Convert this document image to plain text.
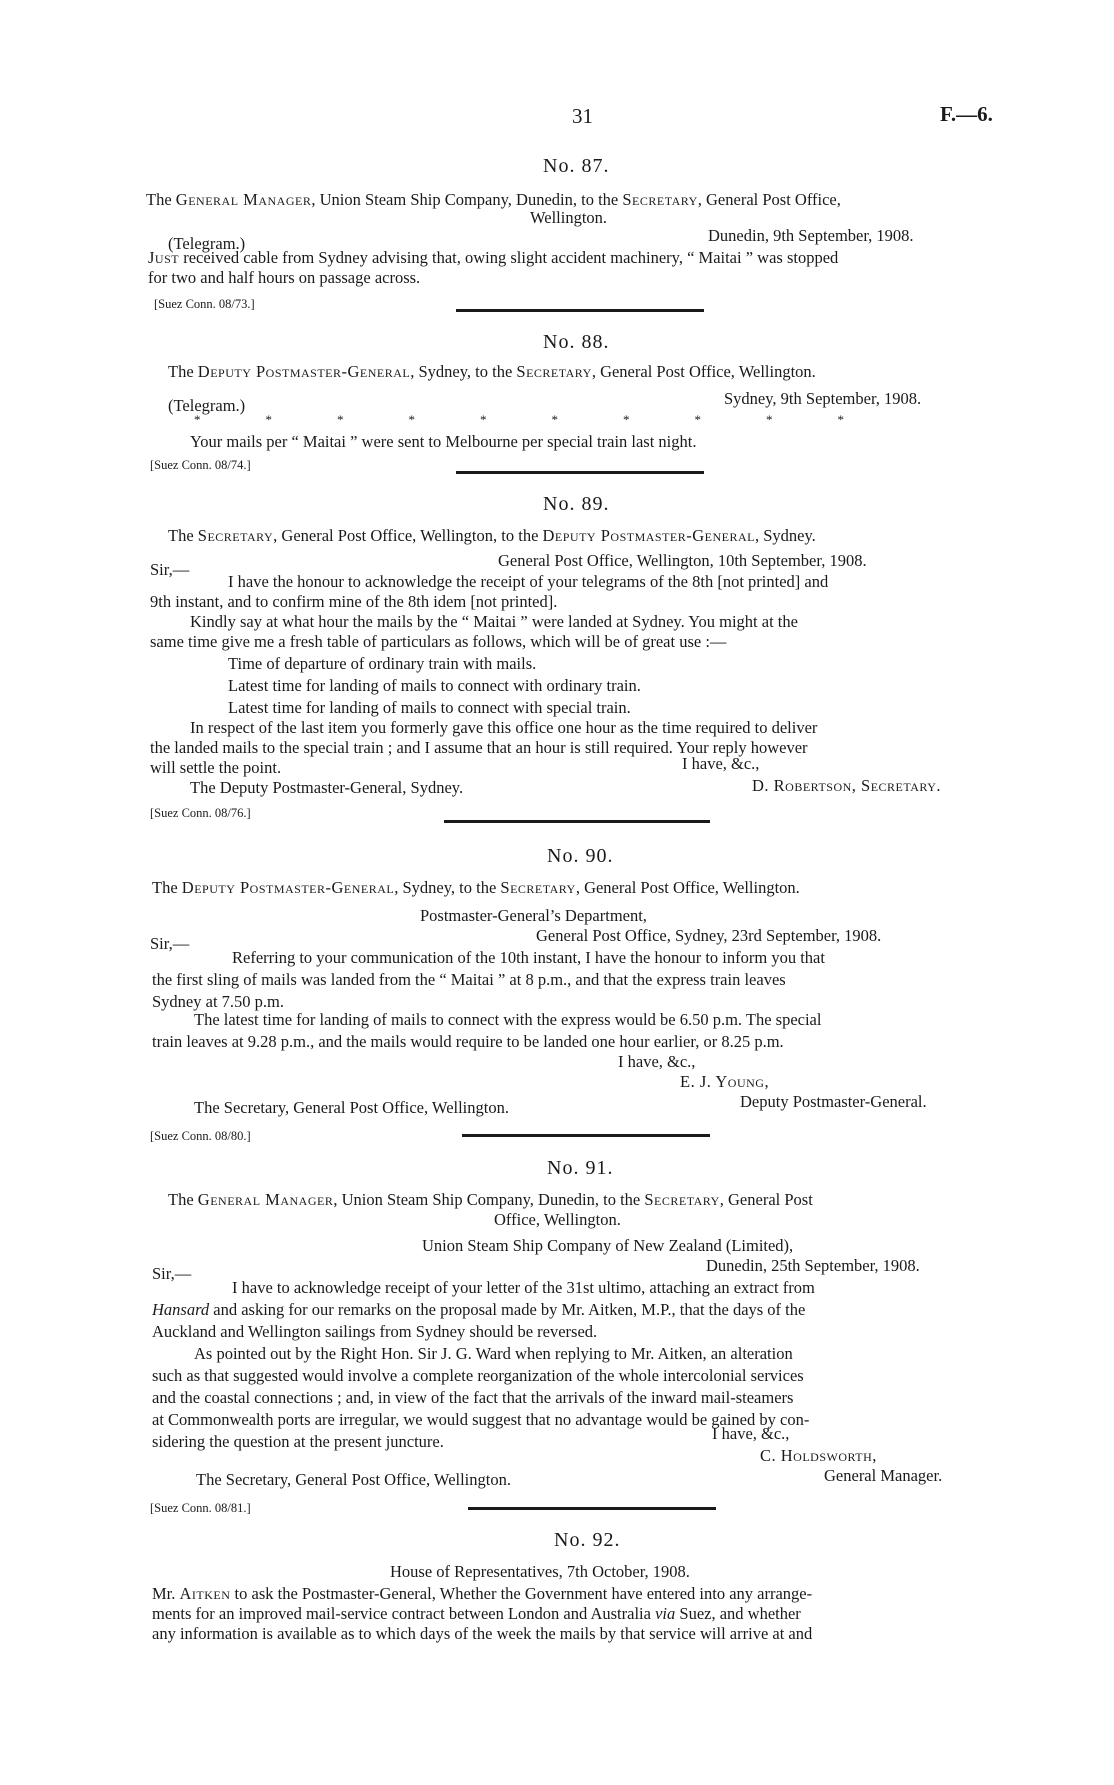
31	F.—6.
No. 87.
The General Manager, Union Steam Ship Company, Dunedin, to the Secretary, General Post Office,
Wellington.
(Telegram.)	Dunedin, 9th September, 1908.
Just received cable from Sydney advising that, owing slight accident machinery, “ Maitai ” was stopped
for two and half hours on passage across.
[Suez Conn. 08/73.]
No. 88.
The Deputy Postmaster-General, Sydney, to the Secretary, General Post Office, Wellington.
(Telegram.)	Sydney, 9th September, 1908.
*     *     *     *     *     *     *     *     *     *
Your mails per “ Maitai ” were sent to Melbourne per special train last night.
[Suez Conn. 08/74.]
No. 89.
The Secretary, General Post Office, Wellington, to the Deputy Postmaster-General, Sydney.
Sir,—	General Post Office, Wellington, 10th September, 1908.
I have the honour to acknowledge the receipt of your telegrams of the 8th [not printed] and
9th instant, and to confirm mine of the 8th idem [not printed].
Kindly say at what hour the mails by the “ Maitai ” were landed at Sydney. You might at the
same time give me a fresh table of particulars as follows, which will be of great use :—
Time of departure of ordinary train with mails.
Latest time for landing of mails to connect with ordinary train.
Latest time for landing of mails to connect with special train.
In respect of the last item you formerly gave this office one hour as the time required to deliver
the landed mails to the special train ; and I assume that an hour is still required. Your reply however
will settle the point.	I have, &c.,
The Deputy Postmaster-General, Sydney.	D. Robertson, Secretary.
[Suez Conn. 08/76.]
No. 90.
The Deputy Postmaster-General, Sydney, to the Secretary, General Post Office, Wellington.
Postmaster-General’s Department,
General Post Office, Sydney, 23rd September, 1908.
Sir,—
Referring to your communication of the 10th instant, I have the honour to inform you that
the first sling of mails was landed from the “ Maitai ” at 8 p.m., and that the express train leaves
Sydney at 7.50 p.m.
The latest time for landing of mails to connect with the express would be 6.50 p.m. The special
train leaves at 9.28 p.m., and the mails would require to be landed one hour earlier, or 8.25 p.m.
I have, &c.,
E. J. Young,
Deputy Postmaster-General.
The Secretary, General Post Office, Wellington.
[Suez Conn. 08/80.]
No. 91.
The General Manager, Union Steam Ship Company, Dunedin, to the Secretary, General Post
Office, Wellington.
Union Steam Ship Company of New Zealand (Limited),
Dunedin, 25th September, 1908.
Sir,—
I have to acknowledge receipt of your letter of the 31st ultimo, attaching an extract from
Hansard and asking for our remarks on the proposal made by Mr. Aitken, M.P., that the days of the
Auckland and Wellington sailings from Sydney should be reversed.
As pointed out by the Right Hon. Sir J. G. Ward when replying to Mr. Aitken, an alteration
such as that suggested would involve a complete reorganization of the whole intercolonial services
and the coastal connections ; and, in view of the fact that the arrivals of the inward mail-steamers
at Commonwealth ports are irregular, we would suggest that no advantage would be gained by con-
sidering the question at the present juncture.	I have, &c.,
C. Holdsworth,
General Manager.
The Secretary, General Post Office, Wellington.
[Suez Conn. 08/81.]
No. 92.
House of Representatives, 7th October, 1908.
Mr. Aitken to ask the Postmaster-General, Whether the Government have entered into any arrange-
ments for an improved mail-service contract between London and Australia via Suez, and whether
any information is available as to which days of the week the mails by that service will arrive at and
